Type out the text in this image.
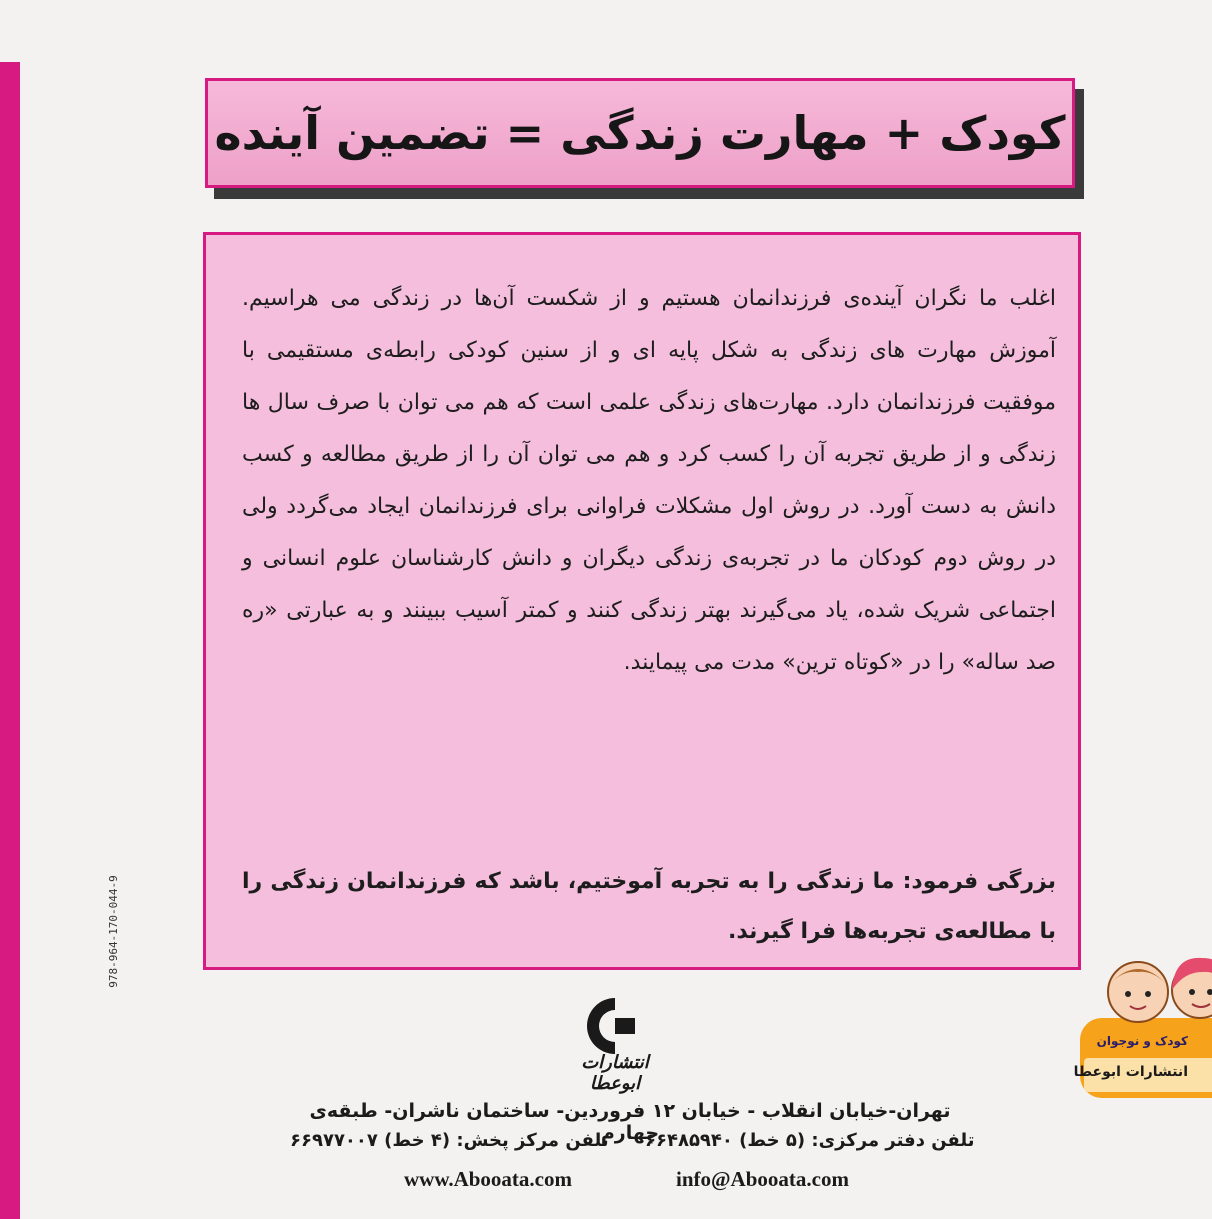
کودک + مهارت زندگی = تضمین آینده
اغلب ما نگران آینده‌ی فرزندانمان هستیم و از شکست آن‌ها در زندگی می هراسیم. آموزش مهارت های زندگی به شکل پایه ای و از سنین کودکی رابطه‌ی مستقیمی با موفقیت فرزندانمان دارد. مهارت‌های زندگی علمی است که هم می توان با صرف سال ها زندگی و از طریق تجربه آن را کسب کرد و هم می توان آن را از طریق مطالعه و کسب دانش به دست آورد. در روش اول مشکلات فراوانی برای فرزندانمان ایجاد می‌گردد ولی در روش دوم کودکان ما در تجربه‌ی زندگی دیگران و دانش کارشناسان علوم انسانی و اجتماعی شریک شده، یاد می‌گیرند بهتر زندگی کنند و کمتر آسیب ببینند و به عبارتی «ره صد ساله» را در «کوتاه ترین» مدت می پیمایند.
بزرگی فرمود: ما زندگی را به تجربه آموختیم، باشد که فرزندانمان زندگی را با مطالعه‌ی تجربه‌ها فرا گیرند.
978-964-170-044-9
کودک و نوجوان
انتشارات ابوعطا
انتشارات ابوعطا
تهران-خیابان انقلاب - خیابان ۱۲ فروردین- ساختمان ناشران- طبقه‌ی چهارم
تلفن دفتر مرکزی: (۵ خط) ۶۶۴۸۵۹۴۰
تلفن مرکز پخش: (۴ خط) ۶۶۹۷۷۰۰۷
info@Abooata.com
www.Abooata.com
